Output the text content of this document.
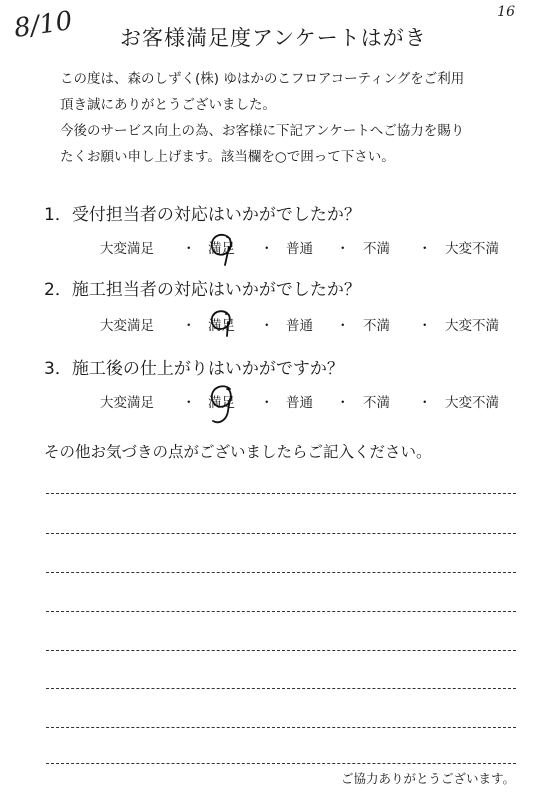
8/10	16
お客様満足度アンケートはがき
この度は、森のしずく(株) ゆはかのこフロアコーティングをご利用
頂き誠にありがとうございました。
今後のサービス向上の為、お客様に下記アンケートへご協力を賜り
たくお願い申し上げます。該当欄を○で囲って下さい。
1．受付担当者の対応はいかがでしたか？
大変満足 ・ 満足 ・ 普通 ・ 不満 ・ 大変不満
2．施工担当者の対応はいかがでしたか？
大変満足 ・ 満足 ・ 普通 ・ 不満 ・ 大変不満
3．施工後の仕上がりはいかがですか？
大変満足 ・ 満足 ・ 普通 ・ 不満 ・ 大変不満
その他お気づきの点がございましたらご記入ください。
ご協力ありがとうございます。
